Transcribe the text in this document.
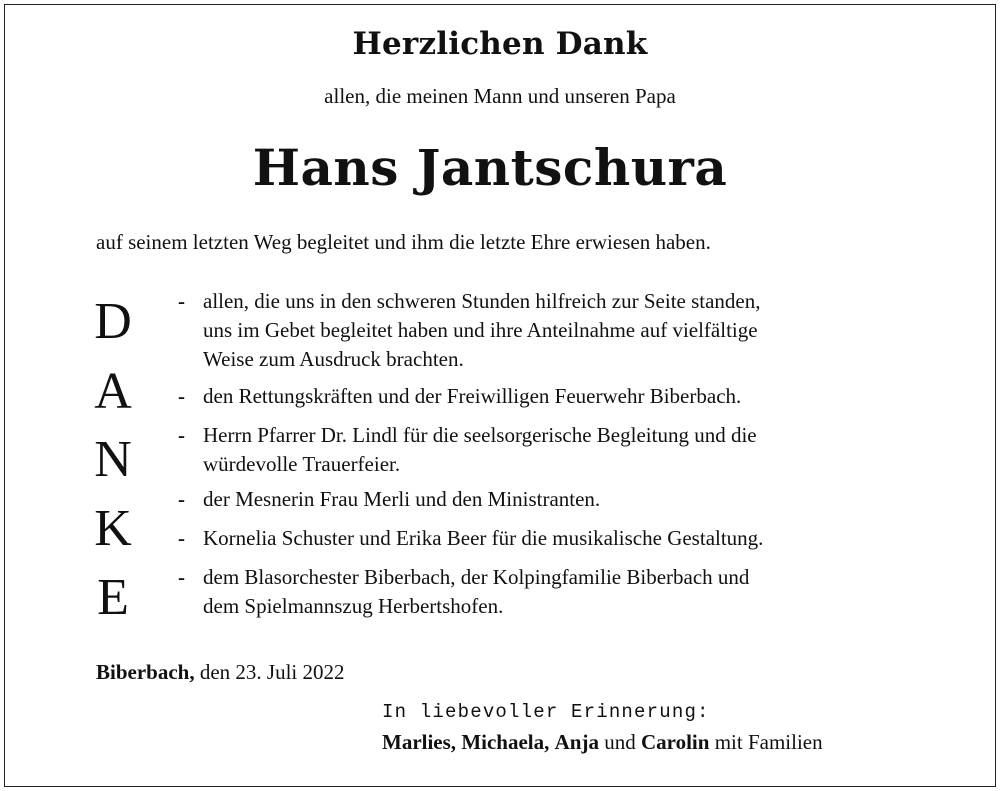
Herzlichen Dank
allen, die meinen Mann und unseren Papa
Hans Jantschura
auf seinem letzten Weg begleitet und ihm die letzte Ehre erwiesen haben.
D
A
N
K
E
- allen, die uns in den schweren Stunden hilfreich zur Seite standen,
uns im Gebet begleitet haben und ihre Anteilnahme auf vielfältige
Weise zum Ausdruck brachten.
- den Rettungskräften und der Freiwilligen Feuerwehr Biberbach.
- Herrn Pfarrer Dr. Lindl für die seelsorgerische Begleitung und die
würdevolle Trauerfeier.
- der Mesnerin Frau Merli und den Ministranten.
- Kornelia Schuster und Erika Beer für die musikalische Gestaltung.
- dem Blasorchester Biberbach, der Kolpingfamilie Biberbach und
dem Spielmannszug Herbertshofen.
Biberbach, den 23. Juli 2022
In liebevoller Erinnerung:
Marlies, Michaela, Anja und Carolin mit Familien
